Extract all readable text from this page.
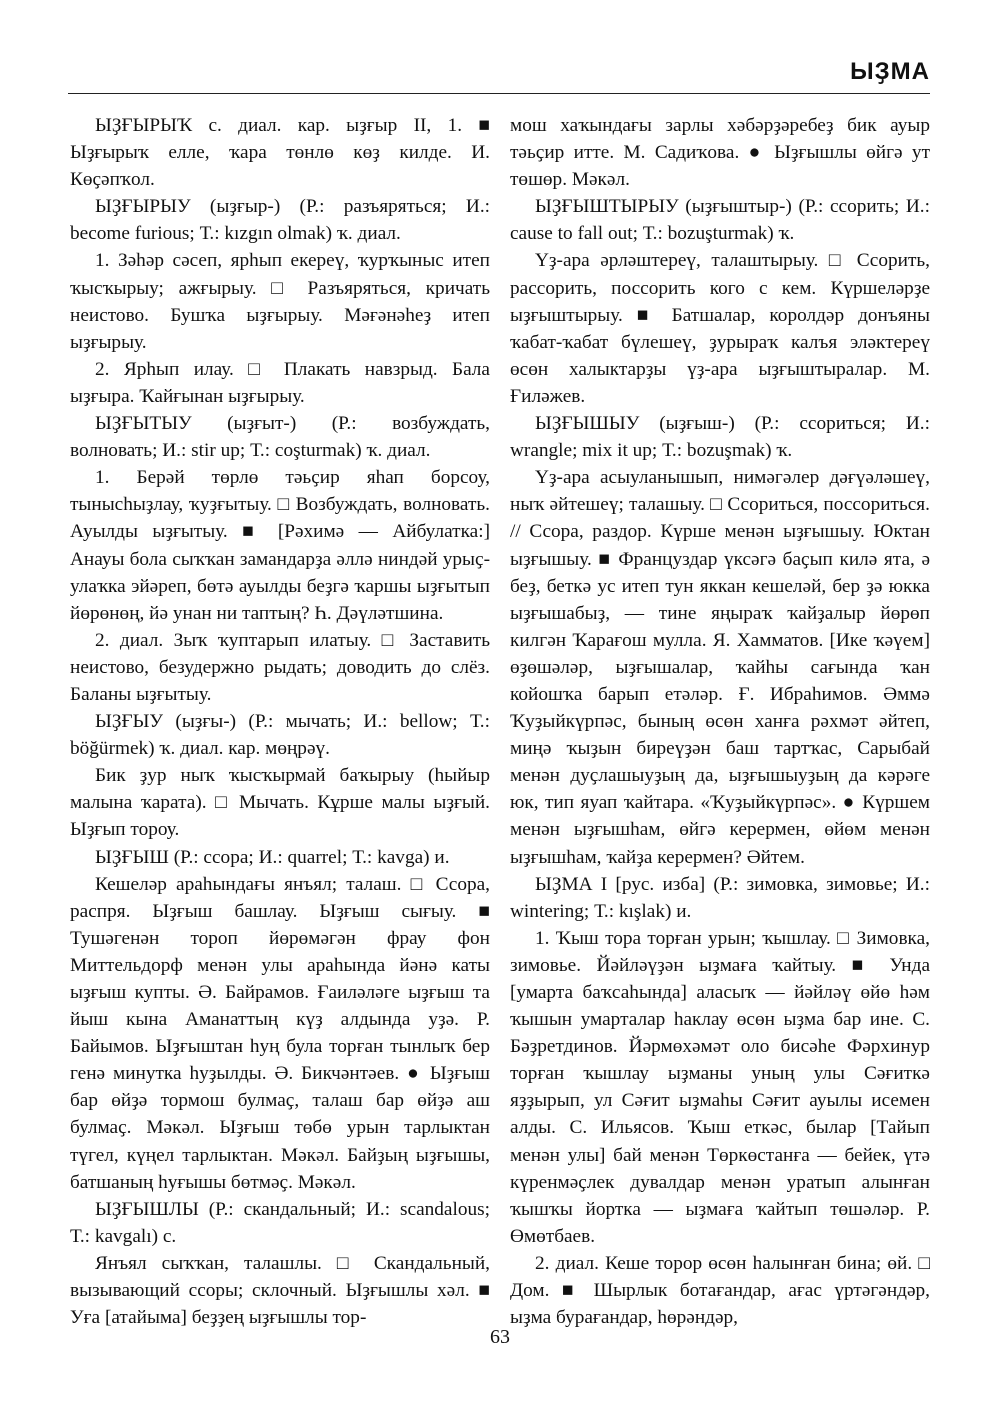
ЫҘМА

ЫҘҒЫРЫҠ с. диал. кар. ыҙғыр II, 1. ■ Ыҙғырыҡ елле, ҡара төнлө көҙ килде. И. Көҫәпҡол.

ЫҘҒЫРЫУ (ыҙғыр-) (Р.: разъяряться; И.: become furious; Т.: kızgın olmak) ҡ. диал.

1. Зәһәр сәсеп, ярһып екереү, ҡурҡыныс итеп ҡысҡырыу; ажғырыу. □ Разъяряться, кричать неистово. Бушҡа ыҙғырыу. Мәғәнәһеҙ итеп ыҙғырыу.

2. Ярһып илау. □ Плакать навзрыд. Бала ыҙғыра. Ҡайғынан ыҙғырыу.

ЫҘҒЫТЫУ (ыҙғыт-) (Р.: возбуждать, волновать; И.: stir up; Т.: coşturmak) ҡ. диал.

1. Берәй төрлө тәьҫир яһап борсоу, тынысһыҙлау, ҡуҙғытыу. □ Возбуждать, волновать. Ауылды ыҙғытыу. ■ [Рәхимә — Айбулатка:] Анауы бола сыҡҡан замандарҙа әллә ниндәй урыҫ-улаҡка эйәреп, бөтә ауылды беҙгә ҡаршы ыҙғытып йөрөнөң, йә унан ни таптың? Һ. Дәүләтшина.

2. диал. Зыҡ ҡуптарып илатыу. □ Заставить неистово, безудержно рыдать; доводить до слёз. Баланы ыҙғытыу.

ЫҘҒЫУ (ыҙғы-) (Р.: мычать; И.: bellow; Т.: böğürmek) ҡ. диал. кар. мөңрәү.

Бик ҙур ныҡ ҡысҡырмай баҡырыу (һыйыр малына ҡарата). □ Мычать. Кұрше малы ыҙғый. Ыҙғып тороу.

ЫҘҒЫШ (Р.: ссора; И.: quarrel; Т.: kavga) и.

Кешеләр араһындағы янъял; талаш. □ Ссора, распря. Ыҙғыш башлау. Ыҙғыш сығыу. ■ Тушәгенән тороп йөрөмәгән фрау фон Миттельдорф менән улы араһында йәнә каты ыҙғыш купты. Ә. Байрамов. Ғаиләләге ыҙғыш та йыш кына Аманаттың күҙ алдында уҙә. Р. Байымов. Ыҙғыштан һуң була торған тынлыҡ бер генә минутка һуҙылды. Ә. Бикчәнтәев. ● Ыҙғыш бар өйҙә тормош булмаҫ, талаш бар өйҙә аш булмаҫ. Мәкәл. Ыҙғыш төбө урын тарлыктан түгел, күңел тарлыктан. Мәкәл. Байҙың ыҙғышы, батшаның һуғышы бөтмәҫ. Мәкәл.

ЫҘҒЫШЛЫ (Р.: скандальный; И.: scandalous; Т.: kavgalı) с.

Янъял сыҡҡан, талашлы. □ Скандальный, вызывающий ссоры; склочный. Ыҙғышлы хәл. ■ Уға [атайыма] беҙҙең ыҙғышлы тор-

мош хаҡындағы зарлы хәбәрҙәребеҙ бик ауыр тәьҫир итте. М. Садиҡова. ● Ыҙғышлы өйгә ут төшөр. Мәкәл.

ЫҘҒЫШТЫРЫУ (ыҙғыштыр-) (Р.: ссорить; И.: cause to fall out; Т.: bozuşturmak) ҡ.

Үҙ-ара әрләштереү, талаштырыу. □ Ссорить, рассорить, поссорить кого с кем. Күршеләрҙе ыҙғыштырыу. ■ Батшалар, королдәр донъяны ҡабат-ҡабат бүлешеү, ҙурыраҡ калъя эләктереү өсөн халыктарҙы үҙ-ара ыҙғыштыралар. М. Ғиләжев.

ЫҘҒЫШЫУ (ыҙғыш-) (Р.: ссориться; И.: wrangle; mix it up; Т.: bozuşmak) ҡ.

Үҙ-ара асыуланышып, нимәгәлер дәғүәләшеү, ныҡ әйтешеү; талашыу. □ Ссориться, поссориться. // Ссора, раздор. Күрше менән ыҙғышыу. Юктан ыҙғышыу. ■ Француздар үксәгә баҫып килә ята, ә беҙ, беткә ус итеп тун яккан кешеләй, бер ҙә юкка ыҙғышабыҙ, — тине яңыраҡ ҡайҙалыр йөрөп килгән Ҡарағош мулла. Я. Хамматов. [Ике ҡәүем] өҙөшәләр, ыҙғышалар, ҡайһы сағында ҡан койошҡа барып етәләр. Ғ. Ибраһимов. Әммә Ҡуҙыйкүрпәс, бының өсөн ханға рәхмәт әйтеп, миңә ҡыҙын биреүҙән баш тартҡас, Сарыбай менән дуҫлашыуҙың да, ыҙғышыуҙың да кәрәге юк, тип яуап ҡайтара. «Ҡуҙыйкүрпәс». ● Күршем менән ыҙғышһам, өйгә керермен, өйөм менән ыҙғышһам, ҡайҙа керермен? Әйтем.

ЫҘМА I [рус. изба] (Р.: зимовка, зимовье; И.: wintering; Т.: kışlak) и.

1. Ҡыш тора торған урын; ҡышлау. □ Зимовка, зимовье. Йәйләүҙән ыҙмаға ҡайтыу. ■ Унда [умарта баҡсаһында] аласыҡ — йәйләү өйө һәм ҡышын умарталар һаклау өсөн ыҙма бар ине. С. Бәҙретдинов. Йәрмөхәмәт оло бисәһе Фәрхинур торған ҡышлау ыҙманы уның улы Сәғиткә яҙҙырып, ул Сәғит ыҙмаһы Сәғит ауылы исемен алды. С. Ильясов. Ҡыш еткәс, былар [Тайып менән улы] бай менән Төркөстанға — бейек, үтә күренмәҫлек дувалдар менән уратып алынған ҡышҡы йортка — ыҙмаға ҡайтып төшәләр. Р. Өмөтбаев.

2. диал. Кеше торор өсөн һалынған бина; өй. □ Дом. ■ Шырлык ботағандар, ағас үртәгәндәр, ыҙма бурағандар, һөрәндәр,

63
